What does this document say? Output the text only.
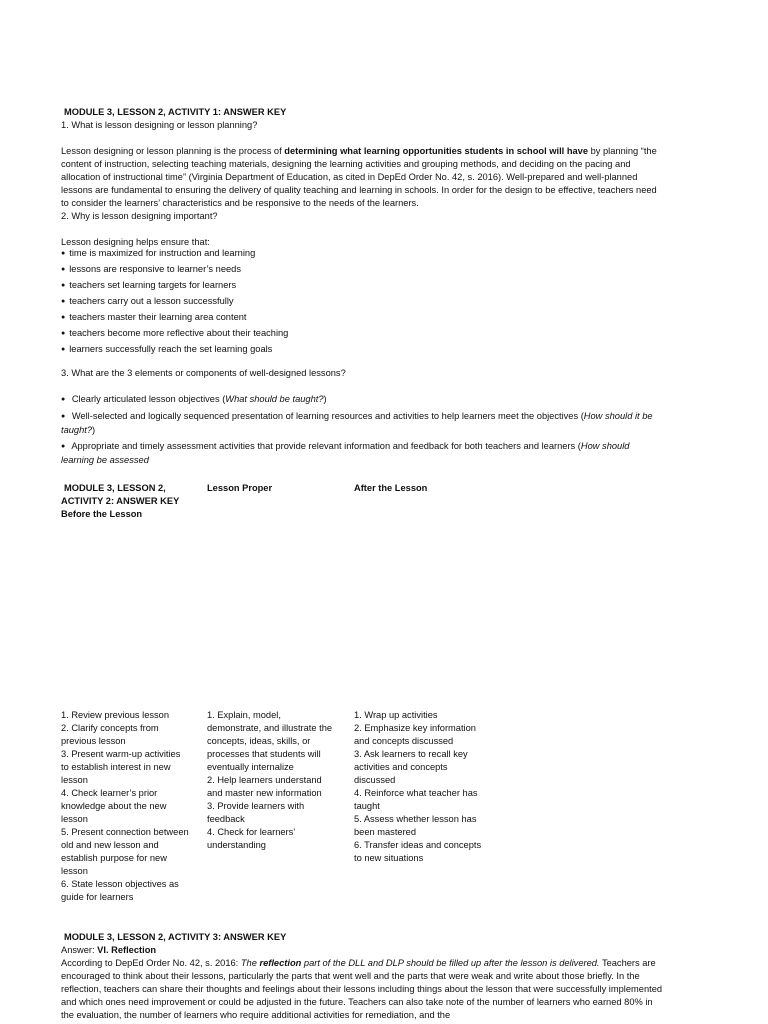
MODULE 3, LESSON 2, ACTIVITY 1: ANSWER KEY

1. What is lesson designing or lesson planning?

Lesson designing or lesson planning is the process of determining what learning opportunities students in school will have by planning “the content of instruction, selecting teaching materials, designing the learning activities and grouping methods, and deciding on the pacing and allocation of instructional time” (Virginia Department of Education, as cited in DepEd Order No. 42, s. 2016). Well-prepared and well-planned lessons are fundamental to ensuring the delivery of quality teaching and learning in schools. In order for the design to be effective, teachers need to consider the learners’ characteristics and be responsive to the needs of the learners.

2. Why is lesson designing important?

Lesson designing helps ensure that:

● time is maximized for instruction and learning
● lessons are responsive to learner’s needs
● teachers set learning targets for learners
● teachers carry out a lesson successfully
● teachers master their learning area content
● teachers become more reflective about their teaching
● learners successfully reach the set learning goals

3. What are the 3 elements or components of well-designed lessons?

● Clearly articulated lesson objectives (What should be taught?)
● Well-selected and logically sequenced presentation of learning resources and activities to help learners meet the objectives (How should it be taught?)
● Appropriate and timely assessment activities that provide relevant information and feedback for both teachers and learners (How should learning be assessed

MODULE 3, LESSON 2,

ACTIVITY 2: ANSWER KEY

Before the Lesson

Lesson Proper	After the Lesson

1. Review previous lesson

2. Clarify concepts from

previous lesson

3. Present warm-up activities

to establish interest in new

lesson

4. Check learner’s prior

knowledge about the new

lesson

5. Present connection between

old and new lesson and

establish purpose for new

lesson

6. State lesson objectives as

guide for learners

1. Explain, model,

demonstrate, and illustrate the

concepts, ideas, skills, or

processes that students will

eventually internalize

2. Help learners understand

and master new information

3. Provide learners with

feedback

4. Check for learners’

understanding

1. Wrap up activities

2. Emphasize key information

and concepts discussed

3. Ask learners to recall key

activities and concepts

discussed

4. Reinforce what teacher has

taught

5. Assess whether lesson has

been mastered

6. Transfer ideas and concepts

to new situations

MODULE 3, LESSON 2, ACTIVITY 3: ANSWER KEY

Answer: VI. Reflection

According to DepEd Order No. 42, s. 2016: The reflection part of the DLL and DLP should be filled up after the lesson is delivered. Teachers are encouraged to think about their lessons, particularly the parts that went well and the parts that were weak and write about those briefly. In the reflection, teachers can share their thoughts and feelings about their lessons including things about the lesson that were successfully implemented and which ones need improvement or could be adjusted in the future. Teachers can also take note of the number of learners who earned 80% in the evaluation, the number of learners who require additional activities for remediation, and the
